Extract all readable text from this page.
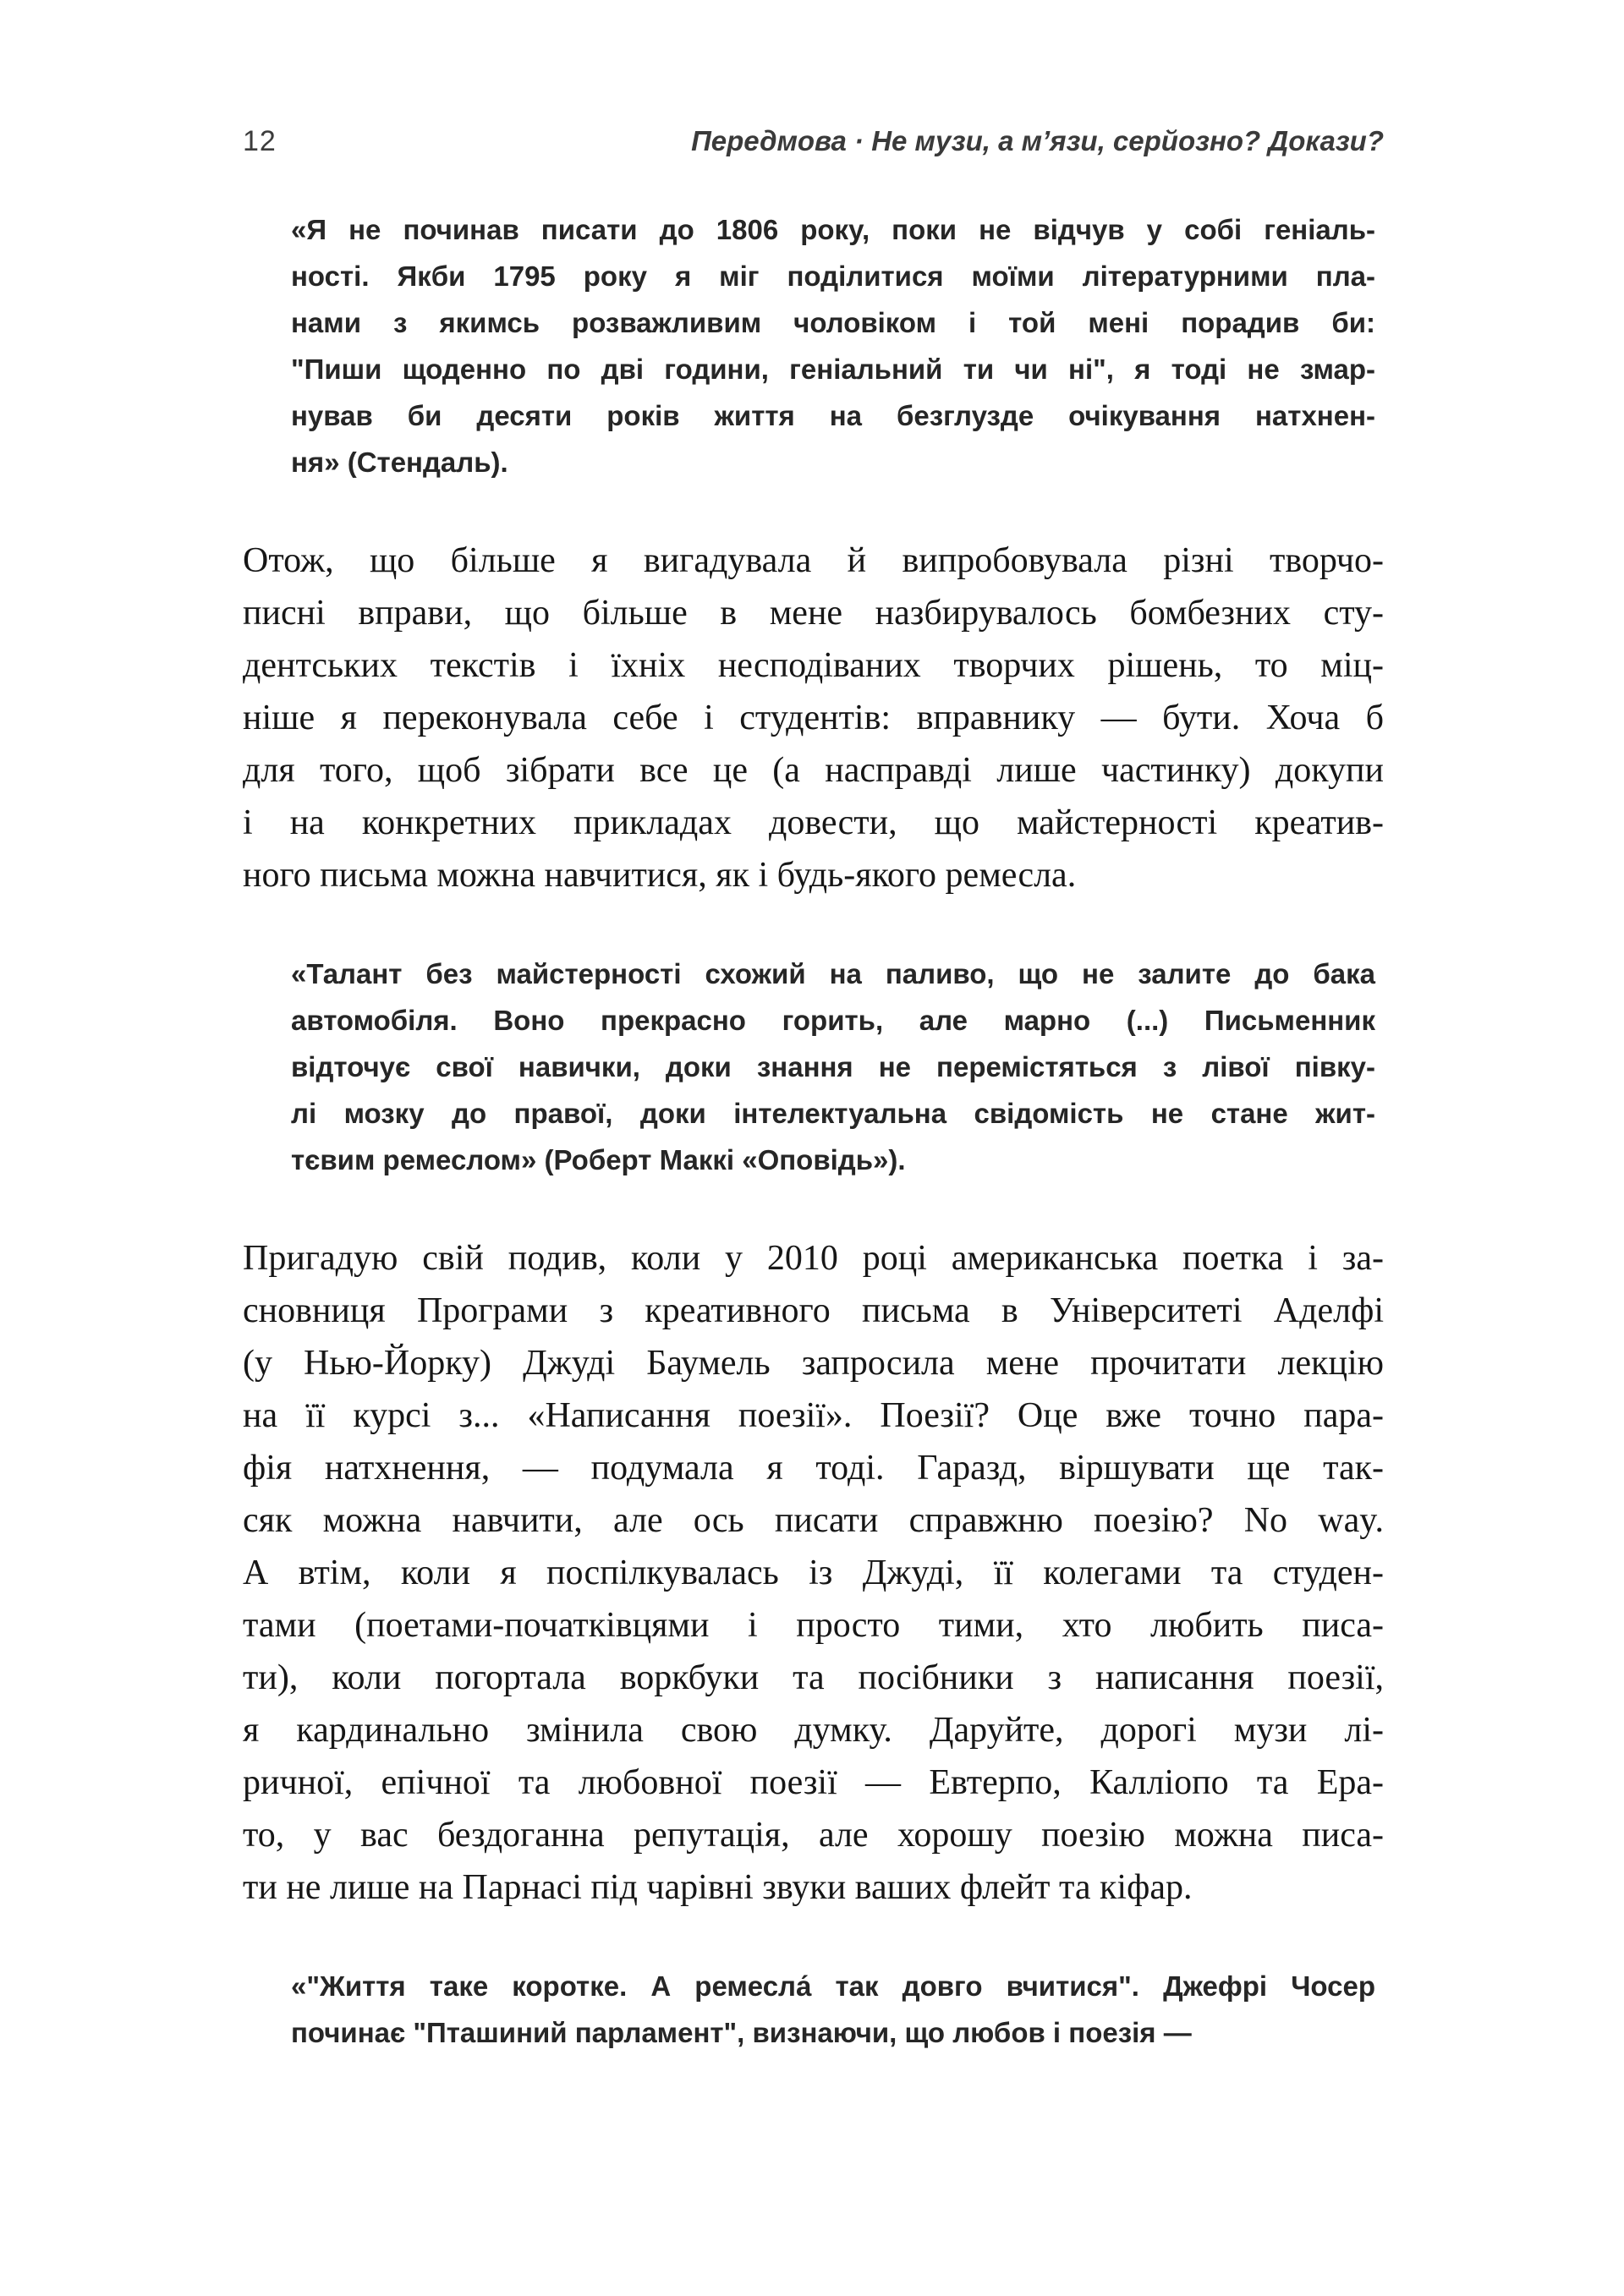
12	Передмова · Не музи, а м’язи, серйозно? Докази?
«Я не починав писати до 1806 року, поки не відчув у собі геніаль-
ності. Якби 1795 року я міг поділитися моїми літературними пла-
нами з якимсь розважливим чоловіком і той мені порадив би:
"Пиши щоденно по дві години, геніальний ти чи ні", я тоді не змар-
нував би десяти років життя на безглузде очікування натхнен-
ня» (Стендаль).
Отож, що більше я вигадувала й випробовувала різні творчо-
писні вправи, що більше в мене назбирувалось бомбезних сту-
дентських текстів і їхніх несподіваних творчих рішень, то міц-
ніше я переконувала себе і студентів: вправнику — бути. Хоча б
для того, щоб зібрати все це (а насправді лише частинку) докупи
і на конкретних прикладах довести, що майстерності креатив-
ного письма можна навчитися, як і будь-якого ремесла.
«Талант без майстерності схожий на паливо, що не залите до бака
автомобіля. Воно прекрасно горить, але марно (...) Письменник
відточує свої навички, доки знання не перемістяться з лівої півку-
лі мозку до правої, доки інтелектуальна свідомість не стане жит-
тєвим ремеслом» (Роберт Маккі «Оповідь»).
Пригадую свій подив, коли у 2010 році американська поетка і за-
сновниця Програми з креативного письма в Університеті Аделфі
(у Нью-Йорку) Джуді Баумель запросила мене прочитати лекцію
на її курсі з... «Написання поезії». Поезії? Оце вже точно пара-
фія натхнення, — подумала я тоді. Гаразд, віршувати ще так-
сяк можна навчити, але ось писати справжню поезію? No way.
А втім, коли я поспілкувалась із Джуді, її колегами та студен-
тами (поетами-початківцями і просто тими, хто любить писа-
ти), коли погортала воркбуки та посібники з написання поезії,
я кардинально змінила свою думку. Даруйте, дорогі музи лі-
ричної, епічної та любовної поезії — Евтерпо, Калліопо та Ера-
то, у вас бездоганна репутація, але хорошу поезію можна писа-
ти не лише на Парнасі під чарівні звуки ваших флейт та кіфар.
«"Життя таке коротке. А ремесла́ так довго вчитися". Джефрі Чосер
починає "Пташиний парламент", визнаючи, що любов і поезія —
